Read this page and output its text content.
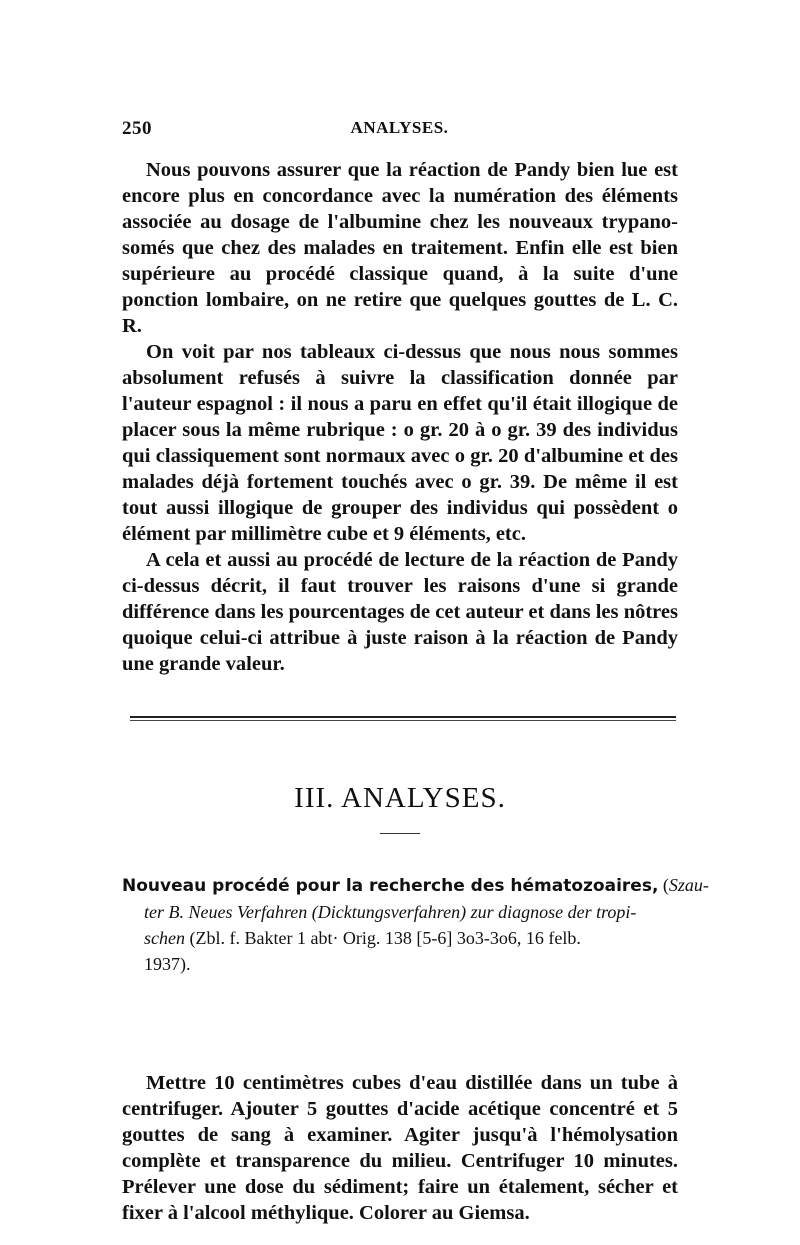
250	ANALYSES.

Nous pouvons assurer que la réaction de Pandy bien lue est encore plus en concordance avec la numération des éléments associée au dosage de l'albumine chez les nouveaux trypano- somés que chez des malades en traitement. Enfin elle est bien supérieure au procédé classique quand, à la suite d'une ponction lombaire, on ne retire que quelques gouttes de L. C. R.

On voit par nos tableaux ci-dessus que nous nous sommes absolument refusés à suivre la classification donnée par l'auteur espagnol : il nous a paru en effet qu'il était illogique de placer sous la même rubrique : o gr. 20 à o gr. 39 des individus qui classiquement sont normaux avec o gr. 20 d'albumine et des malades déjà fortement touchés avec o gr. 39. De même il est tout aussi illogique de grouper des individus qui possèdent o élément par millimètre cube et 9 éléments, etc.

A cela et aussi au procédé de lecture de la réaction de Pandy ci-dessus décrit, il faut trouver les raisons d'une si grande différence dans les pourcentages de cet auteur et dans les nôtres quoique celui-ci attribue à juste raison à la réaction de Pandy une grande valeur.

III. ANALYSES.

Nouveau procédé pour la recherche des hématozoaires, (Szau-

ter B. Neues Verfahren (Dicktungsverfahren) zur diagnose der tropi-

schen (Zbl. f. Bakter 1 abt· Orig. 138 [5-6] 3o3-3o6, 16 felb.

1937).

Mettre 10 centimètres cubes d'eau distillée dans un tube à centrifuger. Ajouter 5 gouttes d'acide acétique concentré et 5 gouttes de sang à examiner. Agiter jusqu'à l'hémolysation complète et transparence du milieu. Centrifuger 10 minutes. Prélever une dose du sédiment; faire un étalement, sécher et fixer à l'alcool méthylique. Colorer au Giemsa.
